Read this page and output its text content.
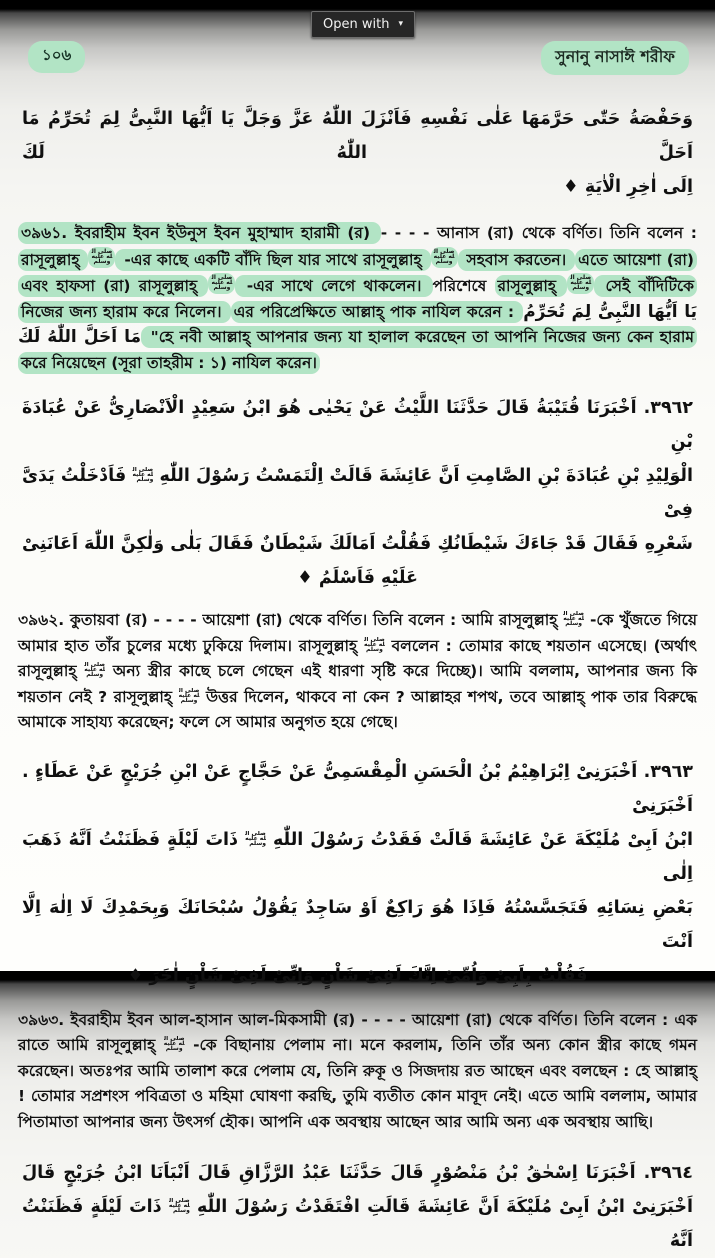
Open with ▾
১০৬	সুনানু নাসাঈ শরীফ
وَحَفْصَةُ حَتّٰى حَرَّمَهَا عَلٰى نَفْسِهِ فَاَنْزَلَ اللّٰهُ عَزَّ وَجَلَّ يَا اَيُّهَا النَّبِىُّ لِمَ تُحَرِّمُ مَا اَحَلَّ اللّٰهُ لَكَ
اِلَى اٰخِرِ الْاٰيَةِ ♦

৩৯৬১. ইবরাহীম ইবন ইউনুস ইবন মুহাম্মাদ হারামী (র) - - - - আনাস (রা) থেকে বর্ণিত। তিনি বলেন : রাসূলুল্লাহ্‌ صلى الله عليه وسلم -এর কাছে একটি বাঁদি ছিল যার সাথে রাসূলুল্লাহ্‌ صلى الله عليه وسلم সহবাস করতেন। এতে আয়েশা (রা) এবং হাফসা (রা) রাসূলুল্লাহ্‌ صلى الله عليه وسلم -এর সাথে লেগে থাকলেন। পরিশেষে রাসূলুল্লাহ্‌ صلى الله عليه وسلم সেই বাঁদিটিকে নিজের জন্য হারাম করে নিলেন। এর পরিপ্রেক্ষিতে আল্লাহ্‌ পাক নাযিল করেন : يَا اَيُّهَا النَّبِىُّ لِمَ تُحَرِّمُ مَا اَحَلَّ اللّٰهُ لَكَ "হে নবী আল্লাহ্‌ আপনার জন্য যা হালাল করেছেন তা আপনি নিজের জন্য কেন হারাম করে নিয়েছেন (সূরা তাহরীম : ১) নাযিল করেন।

٣٩٦٢. اَخْبَرَنَا قُتَيْبَةُ قَالَ حَدَّثَنَا اللَّيْثُ عَنْ يَحْيٰى هُوَ ابْنُ سَعِيْدٍ الْاَنْصَارِىُّ عَنْ عُبَادَةَ بْنِ
الْوَلِيْدِ بْنِ عُبَادَةَ بْنِ الصَّامِتِ اَنَّ عَائِشَةَ قَالَتْ اِلْتَمَسْتُ رَسُوْلَ اللّٰهِ صلى الله عليه وسلم فَاَدْخَلْتُ يَدَىَّ فِىْ
شَعْرِهِ فَقَالَ قَدْ جَاءَكَ شَيْطَانُكِ فَقُلْتُ اَمَالَكَ شَيْطَانٌ فَقَالَ بَلٰى وَلٰكِنَّ اللّٰهَ اَعَانَنِىْ
عَلَيْهِ فَاَسْلَمُ ♦

৩৯৬২. কুতায়বা (র) - - - - আয়েশা (রা) থেকে বর্ণিত। তিনি বলেন : আমি রাসূলুল্লাহ্‌ صلى الله عليه وسلم -কে খুঁজতে গিয়ে আমার হাত তাঁর চুলের মধ্যে ঢুকিয়ে দিলাম। রাসূলুল্লাহ্‌ صلى الله عليه وسلم বললেন : তোমার কাছে শয়তান এসেছে। (অর্থাৎ রাসূলুল্লাহ্‌ صلى الله عليه وسلم অন্য স্ত্রীর কাছে চলে গেছেন এই ধারণা সৃষ্টি করে দিচ্ছে)। আমি বললাম, আপনার জন্য কি শয়তান নেই ? রাসূলুল্লাহ্‌ صلى الله عليه وسلم উত্তর দিলেন, থাকবে না কেন ? আল্লাহর শপথ, তবে আল্লাহ্‌ পাক তার বিরুদ্ধে আমাকে সাহায্য করেছেন; ফলে সে আমার অনুগত হয়ে গেছে।

٣٩٦٣. اَخْبَرَنِىْ اِبْرَاهِيْمُ بْنُ الْحَسَنِ الْمِقْسَمِىُّ عَنْ حَجَّاجٍ عَنْ ابْنِ جُرَيْجٍ عَنْ عَطَاءٍ . اَخْبَرَنِىْ
ابْنُ اَبِىْ مُلَيْكَةَ عَنْ عَائِشَةَ قَالَتْ فَقَدْتُ رَسُوْلَ اللّٰهِ صلى الله عليه وسلم ذَاتَ لَيْلَةٍ فَظَنَنْتُ اَنَّهُ ذَهَبَ اِلٰى
بَعْضِ نِسَائِهِ فَتَجَسَّسْتُهُ فَاِذَا هُوَ رَاكِعٌ اَوْ سَاجِدٌ يَقُوْلُ سُبْحَانَكَ وَبِحَمْدِكَ لَا اِلٰهَ اِلَّا اَنْتَ
فَقُلْتُ بِاَبِىْ وَاُمِّىْ اِنَّكَ لَفِىْ شَاْنٍ وَاِنِّىْ لَفِىْ شَاْنٍ اٰخَرَ ♦

৩৯৬৩. ইবরাহীম ইবন আল-হাসান আল-মিকসামী (র) - - - - আয়েশা (রা) থেকে বর্ণিত। তিনি বলেন : এক রাতে আমি রাসূলুল্লাহ্‌ صلى الله عليه وسلم -কে বিছানায় পেলাম না। মনে করলাম, তিনি তাঁর অন্য কোন স্ত্রীর কাছে গমন করেছেন। অতঃপর আমি তালাশ করে পেলাম যে, তিনি রুকূ ও সিজদায় রত আছেন এবং বলছেন : হে আল্লাহ্‌ ! তোমার সপ্রশংস পবিত্রতা ও মহিমা ঘোষণা করছি, তুমি ব্যতীত কোন মাবূদ নেই। এতে আমি বললাম, আমার পিতামাতা আপনার জন্য উৎসর্গ হৌক। আপনি এক অবস্থায় আছেন আর আমি অন্য এক অবস্থায় আছি।

٣٩٦٤. اَخْبَرَنَا اِسْحٰقُ بْنُ مَنْصُوْرٍ قَالَ حَدَّثَنَا عَبْدُ الرَّزَّاقِ قَالَ اَنْبَاَنَا ابْنُ جُرَيْجٍ قَالَ
اَخْبَرَنِىْ ابْنُ اَبِىْ مُلَيْكَةَ اَنَّ عَائِشَةَ قَالَتِ افْتَقَدْتُ رَسُوْلَ اللّٰهِ صلى الله عليه وسلم ذَاتَ لَيْلَةٍ فَظَنَنْتُ اَنَّهُ
